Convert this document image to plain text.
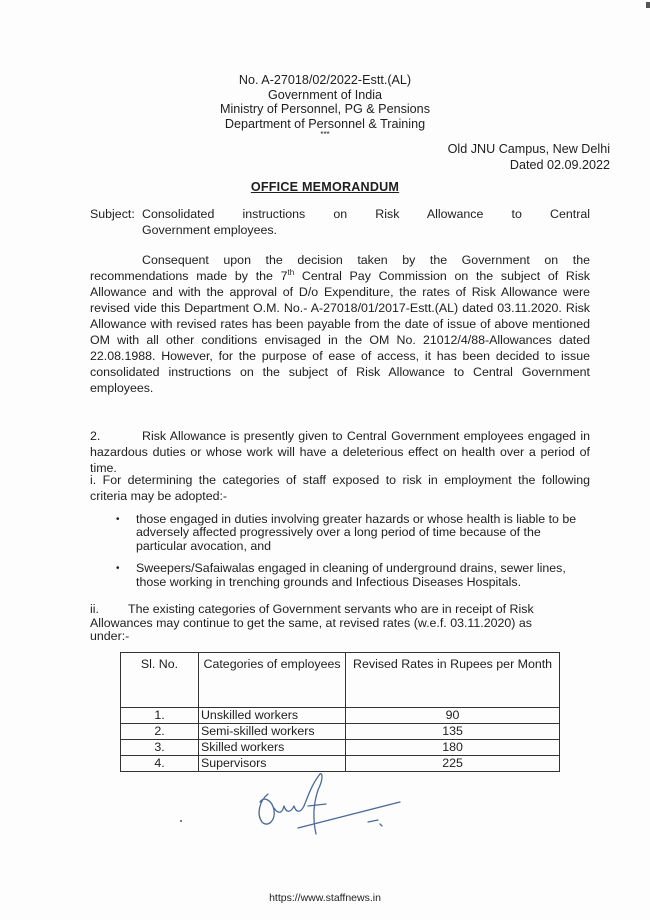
No. A-27018/02/2022-Estt.(AL)
Government of India
Ministry of Personnel, PG & Pensions
Department of Personnel & Training
***
Old JNU Campus, New Delhi
Dated 02.09.2022
OFFICE MEMORANDUM
Subject: Consolidated instructions on Risk Allowance to Central
Government employees.
Consequent upon the decision taken by the Government on the recommendations made by the 7th Central Pay Commission on the subject of Risk Allowance and with the approval of D/o Expenditure, the rates of Risk Allowance were revised vide this Department O.M. No.- A-27018/01/2017-Estt.(AL) dated 03.11.2020. Risk Allowance with revised rates has been payable from the date of issue of above mentioned OM with all other conditions envisaged in the OM No. 21012/4/88-Allowances dated 22.08.1988. However, for the purpose of ease of access, it has been decided to issue consolidated instructions on the subject of Risk Allowance to Central Government employees.
2.	Risk Allowance is presently given to Central Government employees engaged in hazardous duties or whose work will have a deleterious effect on health over a period of time.
i. For determining the categories of staff exposed to risk in employment the following criteria may be adopted:-
• those engaged in duties involving greater hazards or whose health is liable to be adversely affected progressively over a long period of time because of the particular avocation, and
• Sweepers/Safaiwalas engaged in cleaning of underground drains, sewer lines, those working in trenching grounds and Infectious Diseases Hospitals.
ii. The existing categories of Government servants who are in receipt of Risk Allowances may continue to get the same, at revised rates (w.e.f. 03.11.2020) as under:-
Sl. No.	Categories of employees	Revised Rates in Rupees per Month
1.	Unskilled workers	90
2.	Semi-skilled workers	135
3.	Skilled workers	180
4.	Supervisors	225
https://www.staffnews.in
